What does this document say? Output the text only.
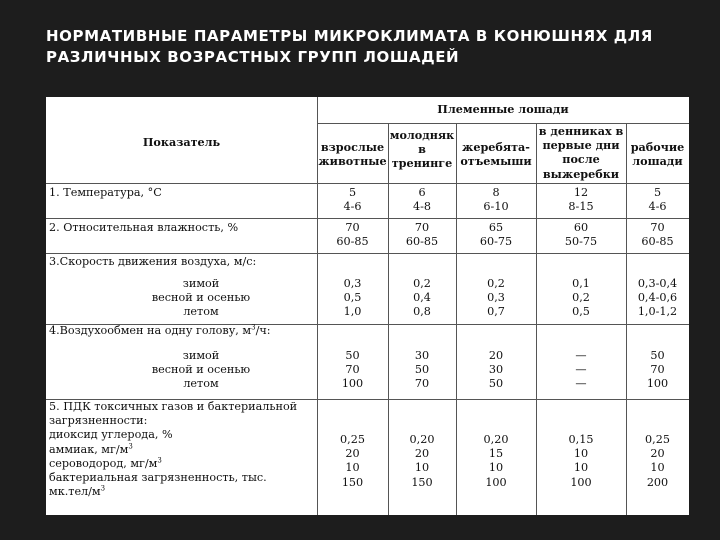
НОРМАТИВНЫЕ ПАРАМЕТРЫ МИКРОКЛИМАТА В КОНЮШНЯХ ДЛЯ
РАЗЛИЧНЫХ ВОЗРАСТНЫХ ГРУПП ЛОШАДЕЙ
Показатель
Племенные лошади
взрослые
животные
молодняк
в
тренинге
жеребята-
отъемыши
в денниках в
первые дни
после
выжеребки
рабочие
лошади
1. Температура, °С	5
4-6
6
4-8
8
6-10
12
8-15
5
4-6
2. Относительная влажность, %	70
60-85
70
60-85
65
60-75
60
50-75
70
60-85
3.Скорость движения воздуха, м/с:
зимой
весной и осенью
летом
0,3
0,5
1,0
0,2
0,4
0,8
0,2
0,3
0,7
0,1
0,2
0,5
0,3-0,4
0,4-0,6
1,0-1,2
4.Воздухообмен на одну голову, $м^3/ч$:
зимой
весной и осенью
летом
50
70
100
30
50
70
20
30
50
—
—
—
50
70
100
5. ПДК токсичных газов и бактериальной
загрязненности:
диоксид углерода, %
аммиак, $мг/м^3$
сероводород, $мг/м^3$
бактериальная загрязненность, тыс.
$мк.тел/м^3$
0,25
20
10
150
0,20
20
10
150
0,20
15
10
100
0,15
10
10
100
0,25
20
10
200
